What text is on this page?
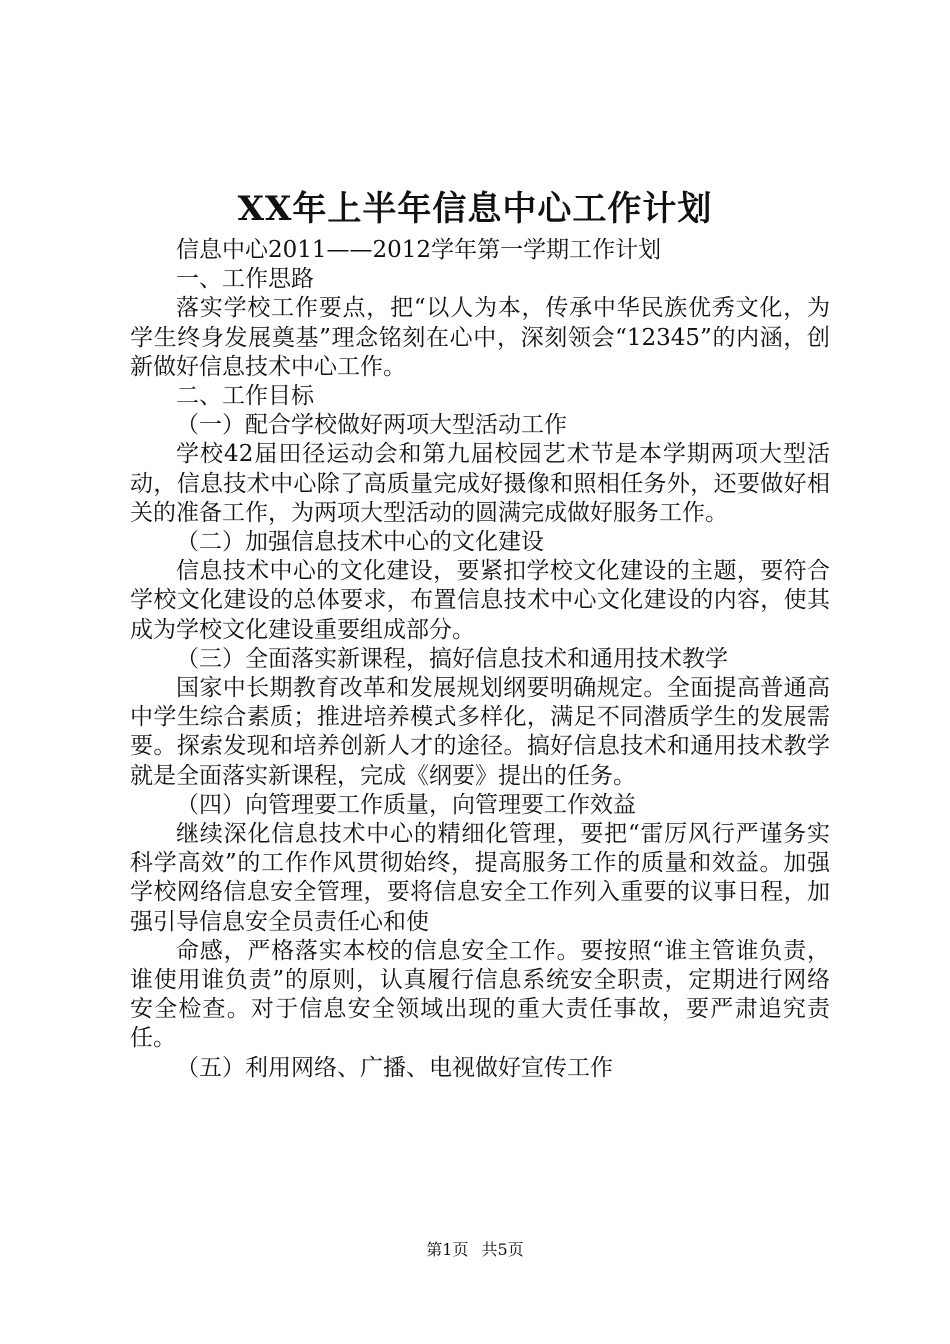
XX年上半年信息中心工作计划

信息中心2011——2012学年第一学期工作计划

一、工作思路

落实学校工作要点，把“以人为本，传承中华民族优秀文化，为学生终身发展奠基”理念铭刻在心中，深刻领会“12345”的内涵，创新做好信息技术中心工作。

二、工作目标

（一）配合学校做好两项大型活动工作

学校42届田径运动会和第九届校园艺术节是本学期两项大型活动，信息技术中心除了高质量完成好摄像和照相任务外，还要做好相关的准备工作，为两项大型活动的圆满完成做好服务工作。

（二）加强信息技术中心的文化建设

信息技术中心的文化建设，要紧扣学校文化建设的主题，要符合学校文化建设的总体要求，布置信息技术中心文化建设的内容，使其成为学校文化建设重要组成部分。

（三）全面落实新课程，搞好信息技术和通用技术教学

国家中长期教育改革和发展规划纲要明确规定。全面提高普通高中学生综合素质；推进培养模式多样化，满足不同潜质学生的发展需要。探索发现和培养创新人才的途径。搞好信息技术和通用技术教学就是全面落实新课程，完成《纲要》提出的任务。

（四）向管理要工作质量，向管理要工作效益

继续深化信息技术中心的精细化管理，要把“雷厉风行严谨务实科学高效”的工作作风贯彻始终，提高服务工作的质量和效益。加强学校网络信息安全管理，要将信息安全工作列入重要的议事日程，加强引导信息安全员责任心和使

命感，严格落实本校的信息安全工作。要按照“谁主管谁负责，谁使用谁负责”的原则，认真履行信息系统安全职责，定期进行网络安全检查。对于信息安全领域出现的重大责任事故，要严肃追究责任。

（五）利用网络、广播、电视做好宣传工作

第1页 共5页
